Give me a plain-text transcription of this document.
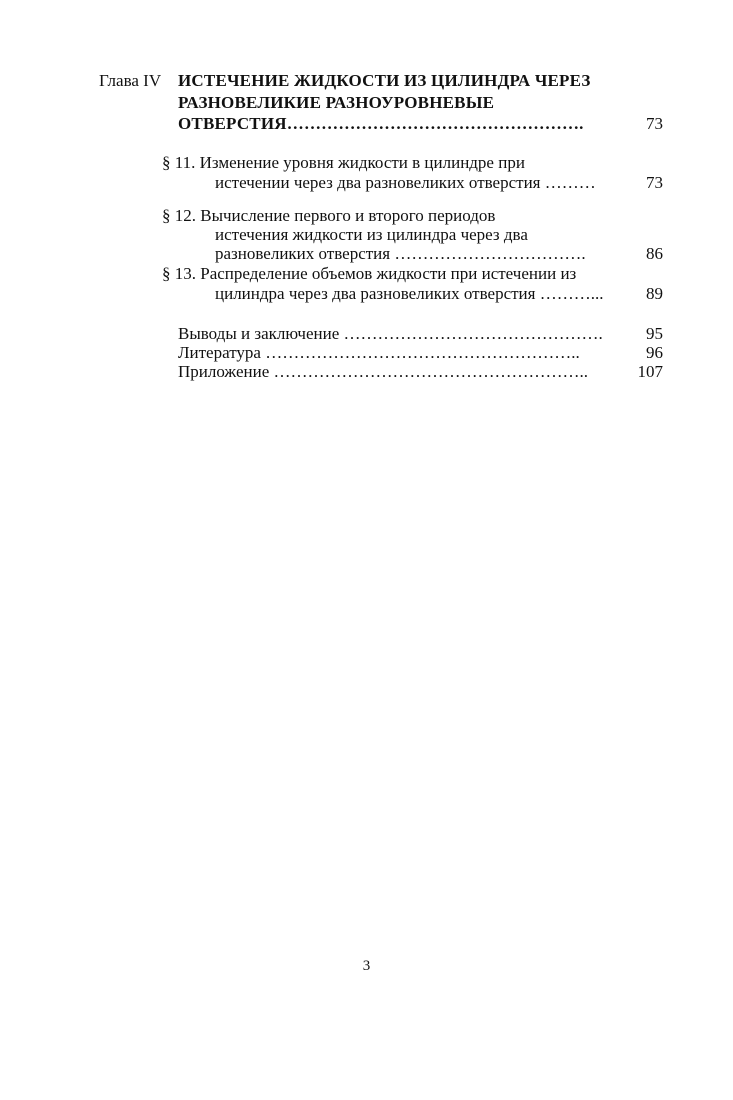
Глава IV ИСТЕЧЕНИЕ ЖИДКОСТИ ИЗ ЦИЛИНДРА ЧЕРЕЗ
РАЗНОВЕЛИКИЕ РАЗНОУРОВНЕВЫЕ
ОТВЕРСТИЯ…………………………………………….	73
§ 11. Изменение уровня жидкости в цилиндре при
истечении через два разновеликих отверстия ………	73
§ 12. Вычисление первого и второго периодов
истечения жидкости из цилиндра через два
разновеликих отверстия …………………………….	86
§ 13. Распределение объемов жидкости при истечении из
цилиндра через два разновеликих отверстия ………...	89
Выводы и заключение ……………………………………….	95
Литература ………………………………………………..	96
Приложение ………………………………………………..	107
3
